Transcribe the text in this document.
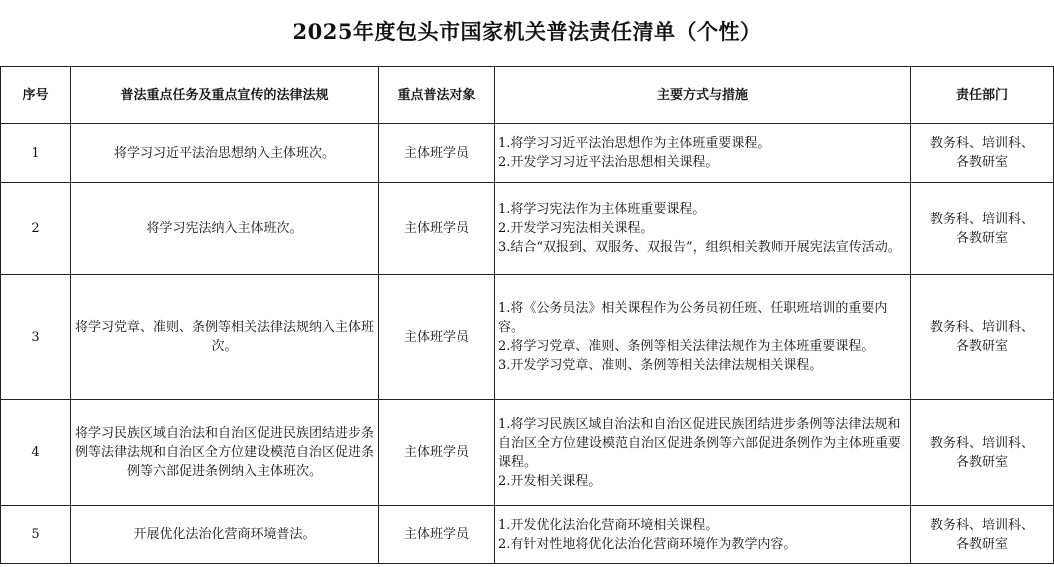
2025年度包头市国家机关普法责任清单（个性）
序号	普法重点任务及重点宣传的法律法规	重点普法对象	主要方式与措施	责任部门
1	将学习习近平法治思想纳入主体班次。	主体班学员	1.将学习习近平法治思想作为主体班重要课程。
2.开发学习习近平法治思想相关课程。	教务科、培训科、
各教研室

2	将学习宪法纳入主体班次。	主体班学员	1.将学习宪法作为主体班重要课程。
2.开发学习宪法相关课程。
3.结合“双报到、双服务、双报告”，组织相关教师开展宪法宣传活动。	教务科、培训科、
各教研室

3	将学习党章、准则、条例等相关法律法规纳入主体班次。	主体班学员	1.将《公务员法》相关课程作为公务员初任班、任职班培训的重要内容。
2.将学习党章、准则、条例等相关法律法规作为主体班重要课程。
3.开发学习党章、准则、条例等相关法律法规相关课程。	教务科、培训科、
各教研室

4	将学习民族区域自治法和自治区促进民族团结进步条例等法律法规和自治区全方位建设模范自治区促进条例等六部促进条例纳入主体班次。	主体班学员	1.将学习民族区域自治法和自治区促进民族团结进步条例等法律法规和自治区全方位建设模范自治区促进条例等六部促进条例作为主体班重要课程。
2.开发相关课程。	教务科、培训科、
各教研室

5	开展优化法治化营商环境普法。	主体班学员	1.开发优化法治化营商环境相关课程。
2.有针对性地将优化法治化营商环境作为教学内容。	教务科、培训科、
各教研室
